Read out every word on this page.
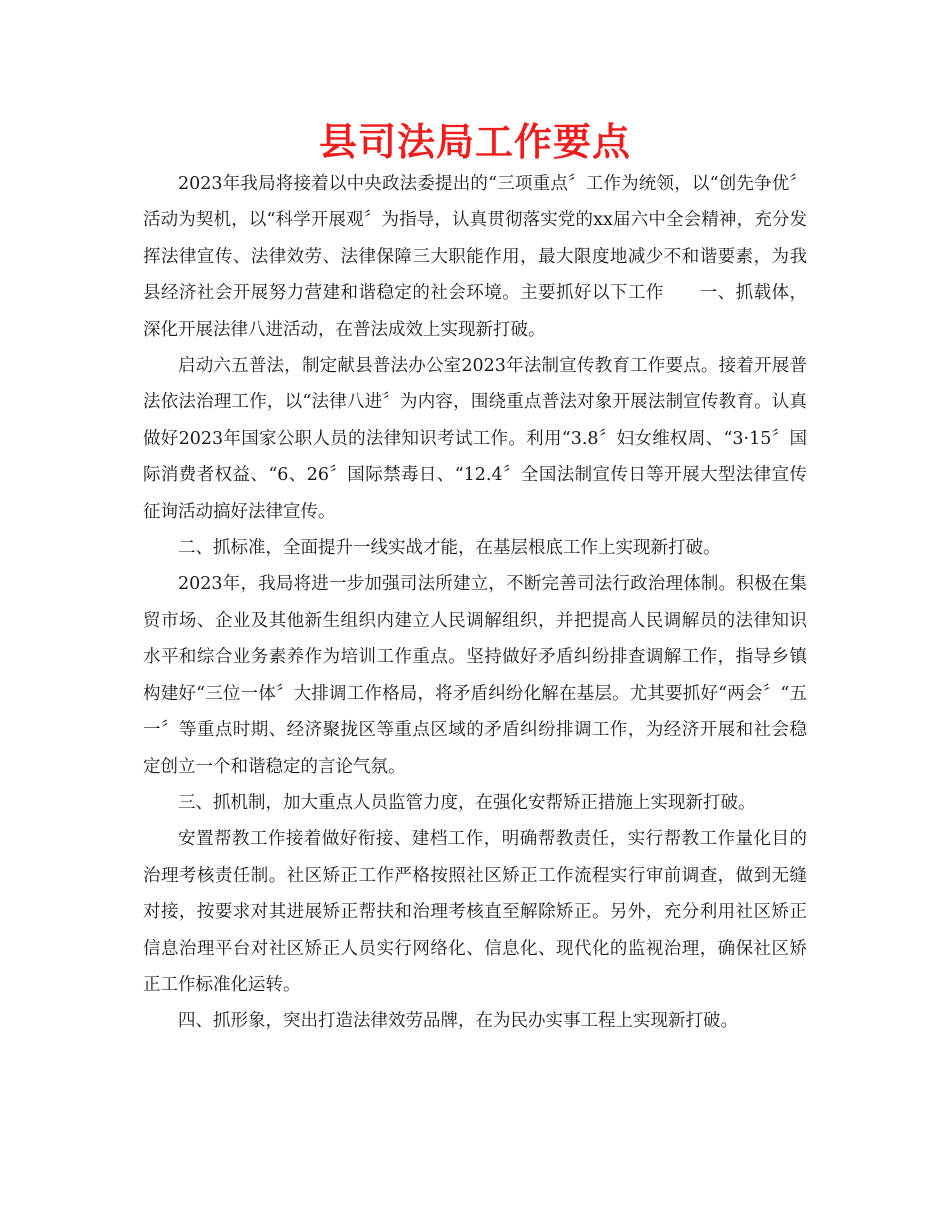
县司法局工作要点

2023年我局将接着以中央政法委提出的“三项重点〞工作为统领，以“创先争优〞活动为契机，以“科学开展观〞为指导，认真贯彻落实党的xx届六中全会精神，充分发挥法律宣传、法律效劳、法律保障三大职能作用，最大限度地减少不和谐要素，为我县经济社会开展努力营建和谐稳定的社会环境。主要抓好以下工作　　一、抓载体，深化开展法律八进活动，在普法成效上实现新打破。

启动六五普法，制定献县普法办公室2023年法制宣传教育工作要点。接着开展普法依法治理工作，以“法律八进〞为内容，围绕重点普法对象开展法制宣传教育。认真做好2023年国家公职人员的法律知识考试工作。利用“3.8〞妇女维权周、“3·15〞国际消费者权益、“6、26〞国际禁毒日、“12.4〞全国法制宣传日等开展大型法律宣传征询活动搞好法律宣传。

二、抓标准，全面提升一线实战才能，在基层根底工作上实现新打破。

2023年，我局将进一步加强司法所建立，不断完善司法行政治理体制。积极在集贸市场、企业及其他新生组织内建立人民调解组织，并把提高人民调解员的法律知识水平和综合业务素养作为培训工作重点。坚持做好矛盾纠纷排查调解工作，指导乡镇构建好“三位一体〞大排调工作格局，将矛盾纠纷化解在基层。尤其要抓好“两会〞“五一〞等重点时期、经济聚拢区等重点区域的矛盾纠纷排调工作，为经济开展和社会稳定创立一个和谐稳定的言论气氛。

三、抓机制，加大重点人员监管力度，在强化安帮矫正措施上实现新打破。

安置帮教工作接着做好衔接、建档工作，明确帮教责任，实行帮教工作量化目的治理考核责任制。社区矫正工作严格按照社区矫正工作流程实行审前调查，做到无缝对接，按要求对其进展矫正帮扶和治理考核直至解除矫正。另外，充分利用社区矫正信息治理平台对社区矫正人员实行网络化、信息化、现代化的监视治理，确保社区矫正工作标准化运转。

四、抓形象，突出打造法律效劳品牌，在为民办实事工程上实现新打破。
